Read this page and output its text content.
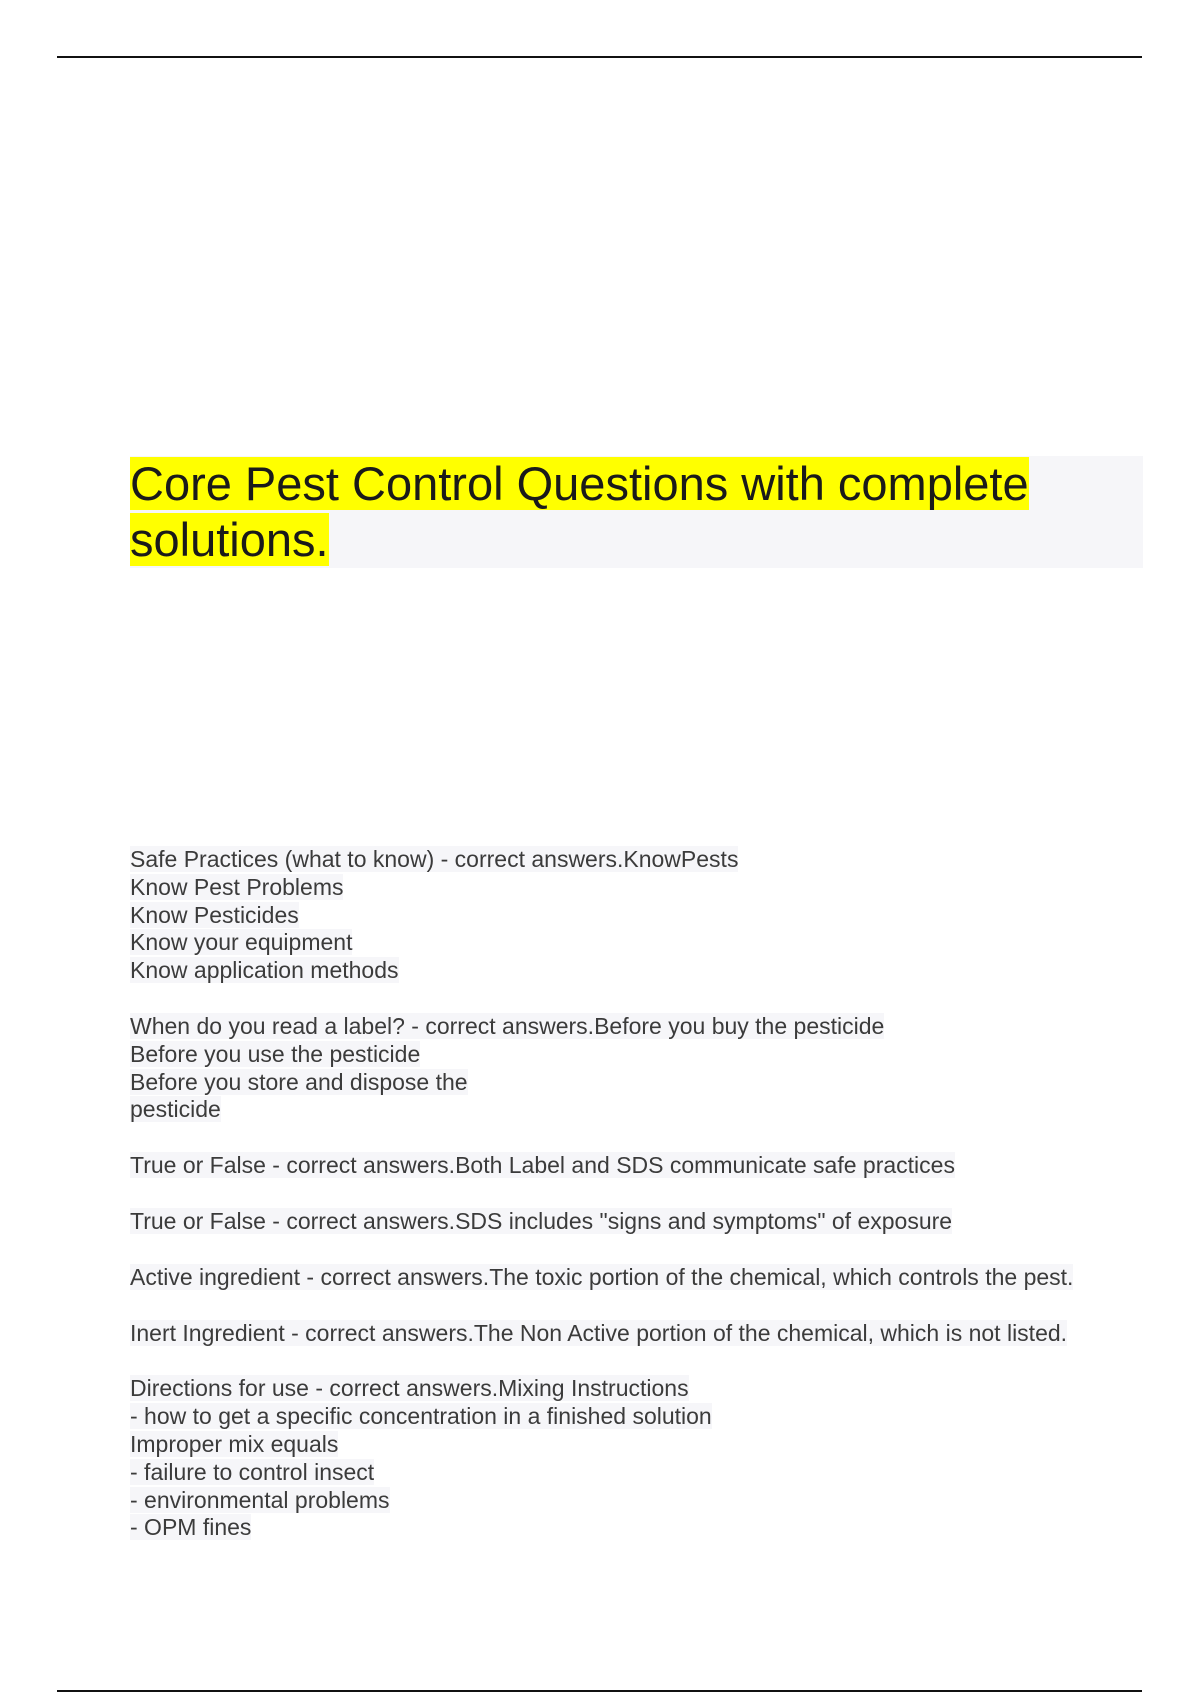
Core Pest Control Questions with complete solutions.
Safe Practices (what to know) - correct answers.KnowPests
Know Pest Problems
Know Pesticides
Know your equipment
Know application methods
When do you read a label? - correct answers.Before you buy the pesticide
Before you use the pesticide
Before you store and dispose the
pesticide
True or False - correct answers.Both Label and SDS communicate safe practices
True or False - correct answers.SDS includes "signs and symptoms" of exposure
Active ingredient - correct answers.The toxic portion of the chemical, which controls the pest.
Inert Ingredient - correct answers.The Non Active portion of the chemical, which is not listed.
Directions for use - correct answers.Mixing Instructions
- how to get a specific concentration in a finished solution
Improper mix equals
- failure to control insect
- environmental problems
- OPM fines
